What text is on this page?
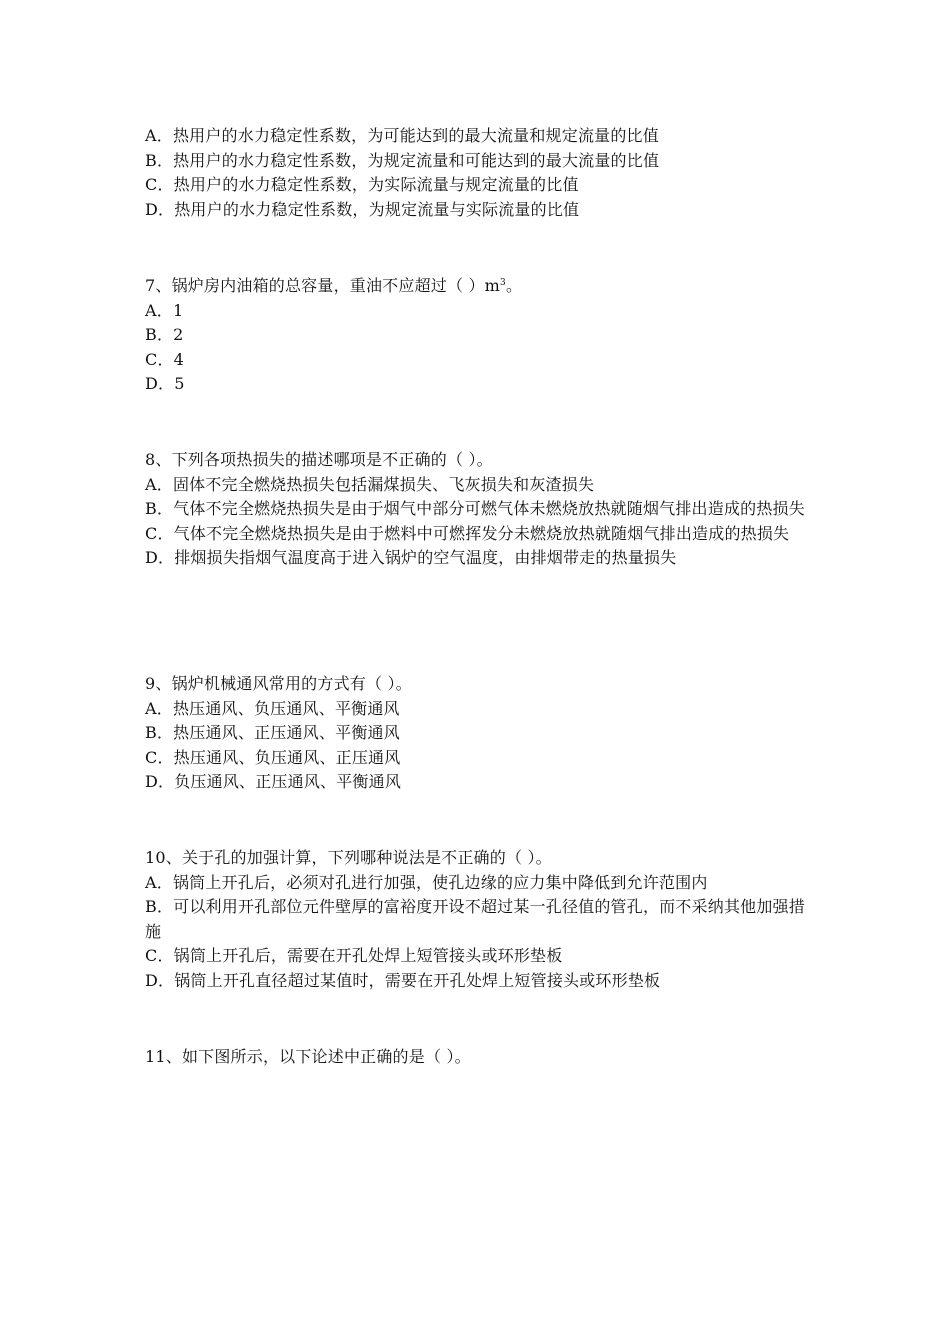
A．热用户的水力稳定性系数，为可能达到的最大流量和规定流量的比值

B．热用户的水力稳定性系数，为规定流量和可能达到的最大流量的比值

C．热用户的水力稳定性系数，为实际流量与规定流量的比值

D．热用户的水力稳定性系数，为规定流量与实际流量的比值

7、锅炉房内油箱的总容量，重油不应超过（ ）$m^3$。

A．1

B．2

C．4

D．5

8、下列各项热损失的描述哪项是不正确的（ ）。

A．固体不完全燃烧热损失包括漏煤损失、飞灰损失和灰渣损失

B．气体不完全燃烧热损失是由于烟气中部分可燃气体未燃烧放热就随烟气排出造成的热损失

C．气体不完全燃烧热损失是由于燃料中可燃挥发分未燃烧放热就随烟气排出造成的热损失

D．排烟损失指烟气温度高于进入锅炉的空气温度，由排烟带走的热量损失

9、锅炉机械通风常用的方式有（ ）。

A．热压通风、负压通风、平衡通风

B．热压通风、正压通风、平衡通风

C．热压通风、负压通风、正压通风

D．负压通风、正压通风、平衡通风

10、关于孔的加强计算，下列哪种说法是不正确的（ ）。

A．锅筒上开孔后，必须对孔进行加强，使孔边缘的应力集中降低到允许范围内

B．可以利用开孔部位元件壁厚的富裕度开设不超过某一孔径值的管孔，而不采纳其他加强措施

C．锅筒上开孔后，需要在开孔处焊上短管接头或环形垫板

D．锅筒上开孔直径超过某值时，需要在开孔处焊上短管接头或环形垫板

11、如下图所示，以下论述中正确的是（ ）。
